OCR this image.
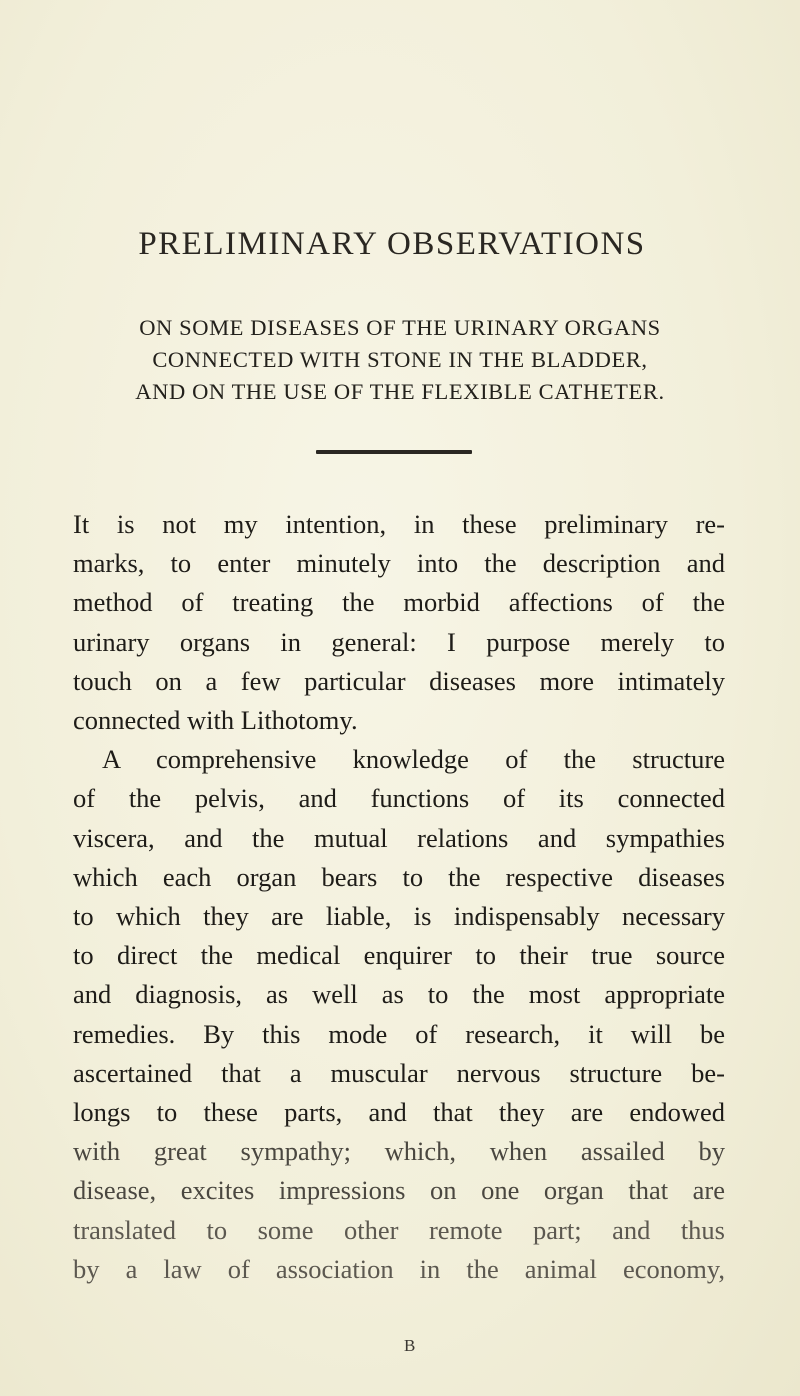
PRELIMINARY OBSERVATIONS
ON SOME DISEASES OF THE URINARY ORGANS
CONNECTED WITH STONE IN THE BLADDER,
AND ON THE USE OF THE FLEXIBLE CATHETER.
It is not my intention, in these preliminary re-
marks, to enter minutely into the description and
method of treating the morbid affections of the
urinary organs in general: I purpose merely to
touch on a few particular diseases more intimately
connected with Lithotomy.
A comprehensive knowledge of the structure
of the pelvis, and functions of its connected
viscera, and the mutual relations and sympathies
which each organ bears to the respective diseases
to which they are liable, is indispensably necessary
to direct the medical enquirer to their true source
and diagnosis, as well as to the most appropriate
remedies. By this mode of research, it will be
ascertained that a muscular nervous structure be-
longs to these parts, and that they are endowed
with great sympathy; which, when assailed by
disease, excites impressions on one organ that are
translated to some other remote part; and thus
by a law of association in the animal economy,
B
